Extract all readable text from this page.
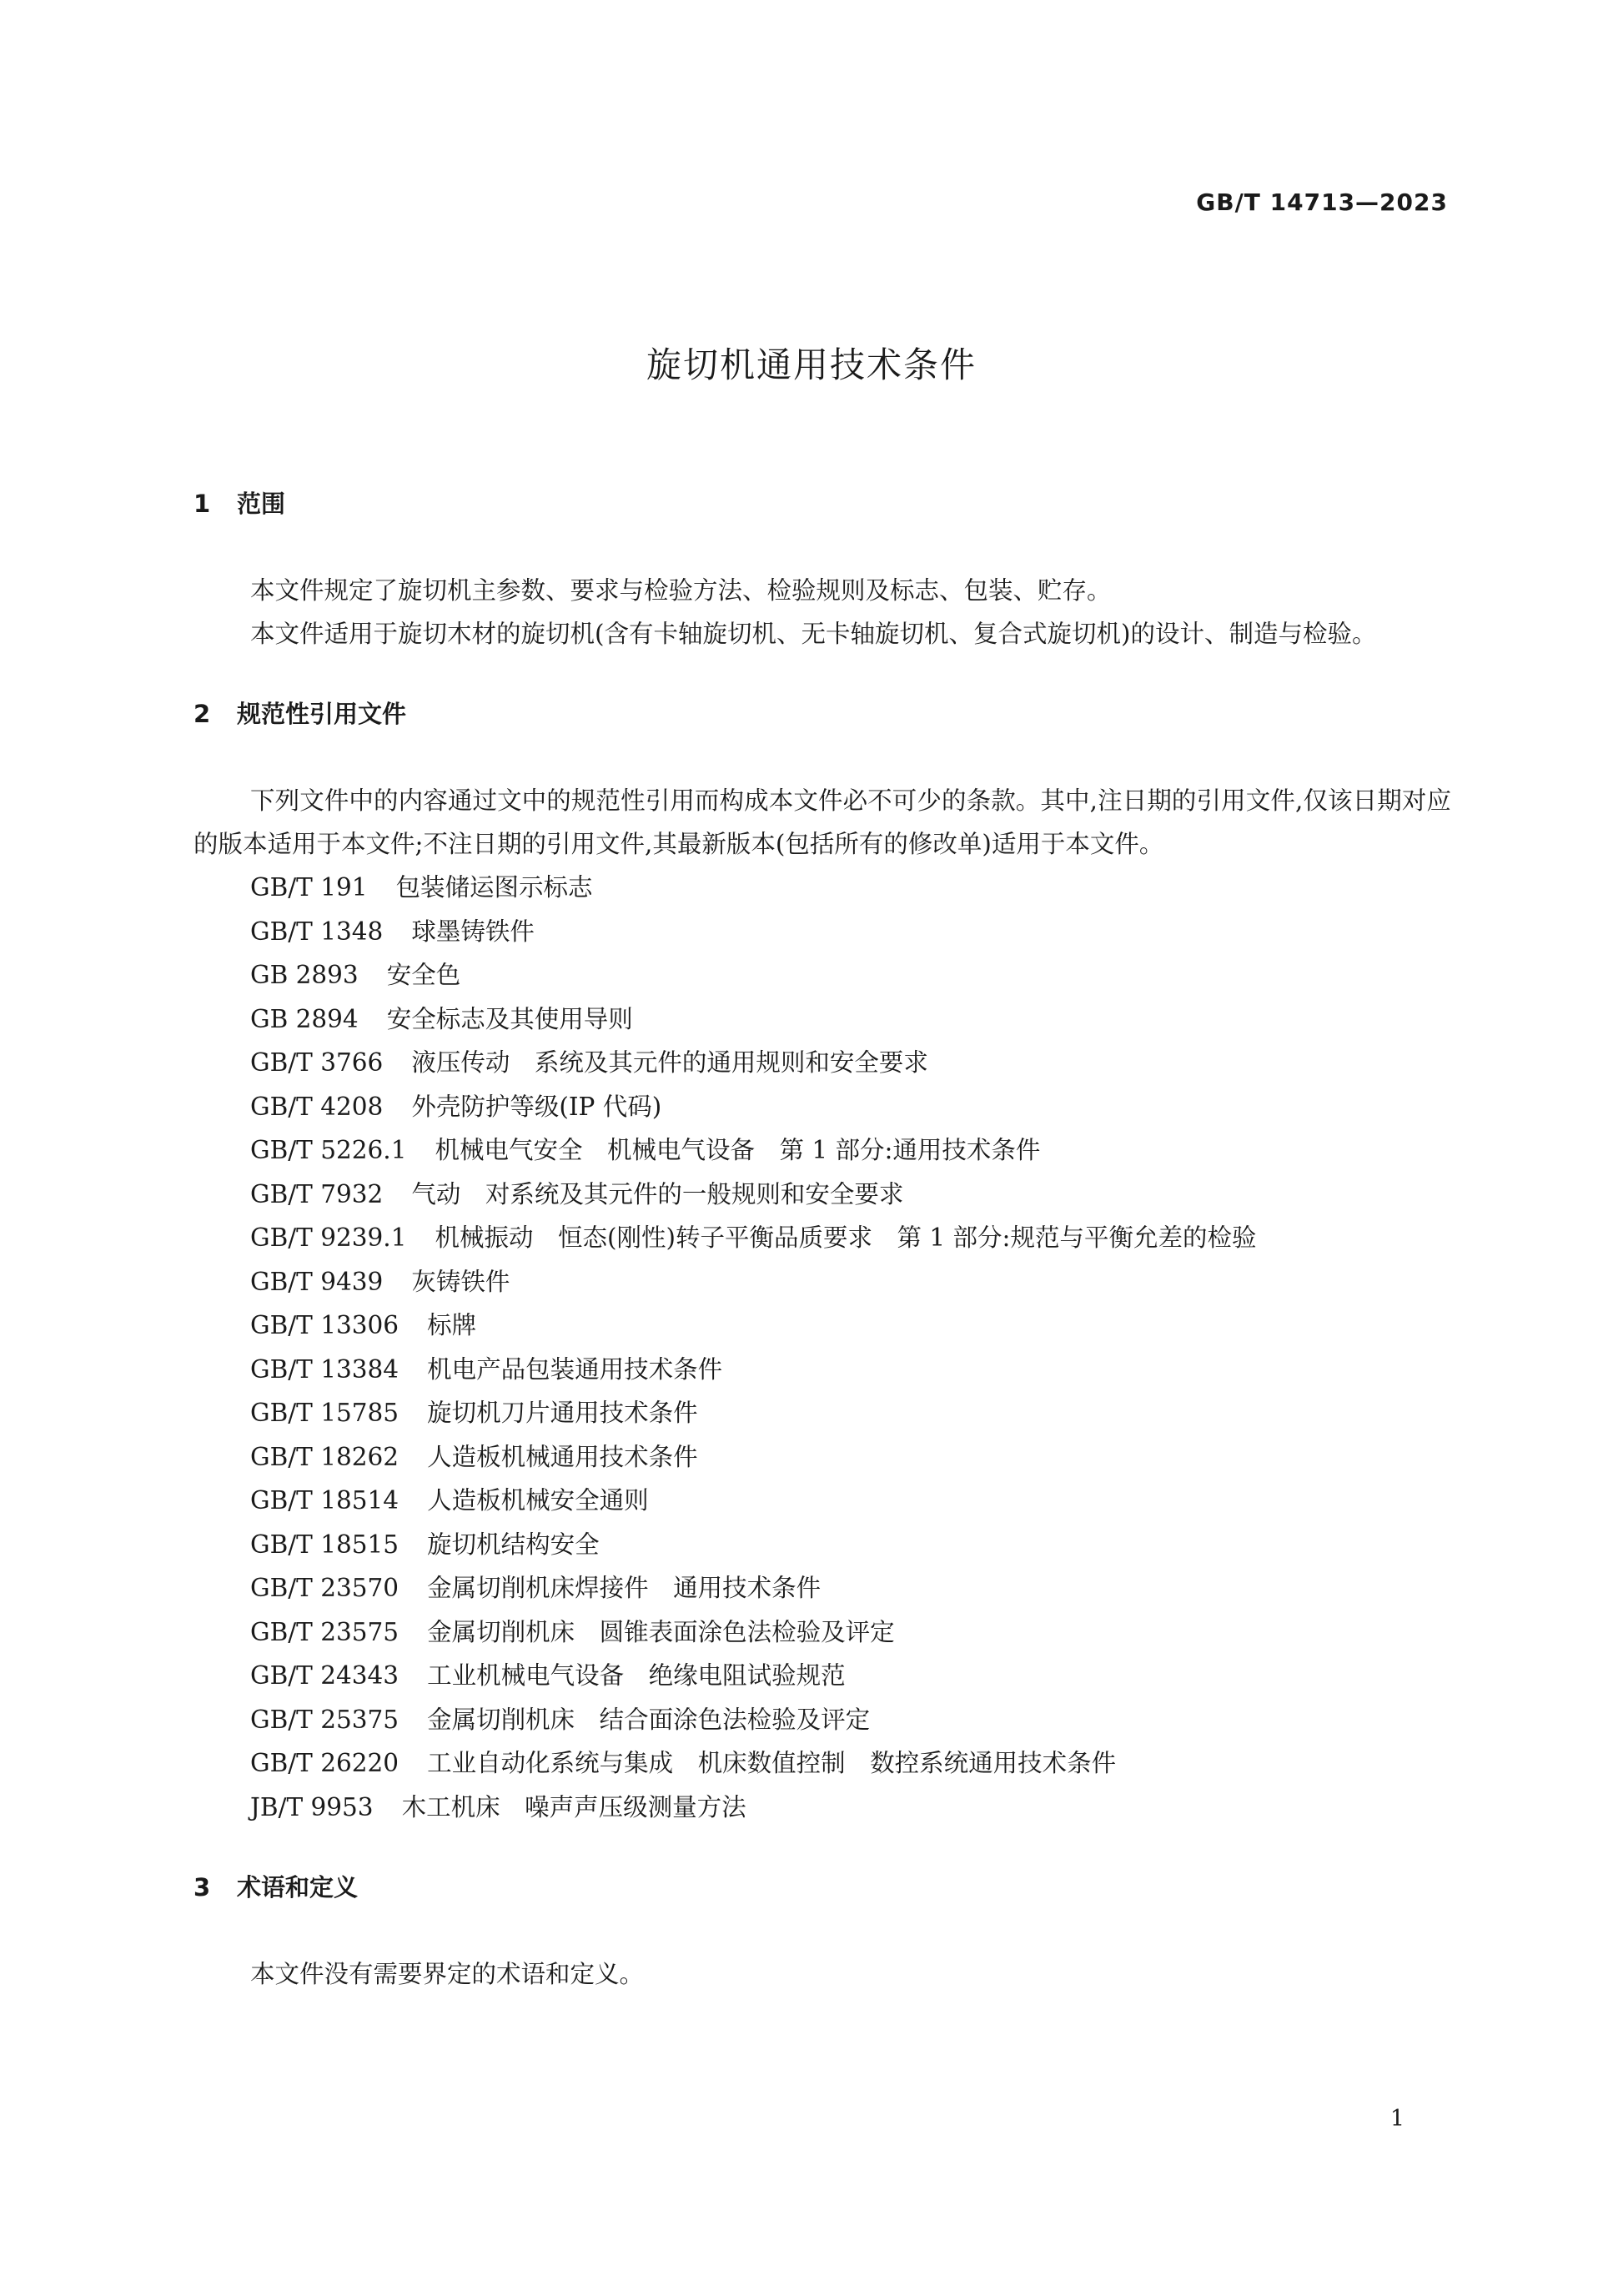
GB/T 14713—2023
旋切机通用技术条件
1 范围

本文件规定了旋切机主参数、要求与检验方法、检验规则及标志、包装、贮存。

本文件适用于旋切木材的旋切机(含有卡轴旋切机、无卡轴旋切机、复合式旋切机)的设计、制造与检验。

2 规范性引用文件

下列文件中的内容通过文中的规范性引用而构成本文件必不可少的条款。其中,注日期的引用文件,仅该日期对应的版本适用于本文件;不注日期的引用文件,其最新版本(包括所有的修改单)适用于本文件。

GB/T 191 包装储运图示标志
GB/T 1348 球墨铸铁件
GB 2893 安全色
GB 2894 安全标志及其使用导则
GB/T 3766 液压传动　系统及其元件的通用规则和安全要求
GB/T 4208 外壳防护等级(IP 代码)
GB/T 5226.1 机械电气安全　机械电气设备　第 1 部分:通用技术条件
GB/T 7932 气动　对系统及其元件的一般规则和安全要求
GB/T 9239.1 机械振动　恒态(刚性)转子平衡品质要求　第 1 部分:规范与平衡允差的检验
GB/T 9439 灰铸铁件
GB/T 13306 标牌
GB/T 13384 机电产品包装通用技术条件
GB/T 15785 旋切机刀片通用技术条件
GB/T 18262 人造板机械通用技术条件
GB/T 18514 人造板机械安全通则
GB/T 18515 旋切机结构安全
GB/T 23570 金属切削机床焊接件　通用技术条件
GB/T 23575 金属切削机床　圆锥表面涂色法检验及评定
GB/T 24343 工业机械电气设备　绝缘电阻试验规范
GB/T 25375 金属切削机床　结合面涂色法检验及评定
GB/T 26220 工业自动化系统与集成　机床数值控制　数控系统通用技术条件
JB/T 9953 木工机床　噪声声压级测量方法
3 术语和定义

本文件没有需要界定的术语和定义。

1
